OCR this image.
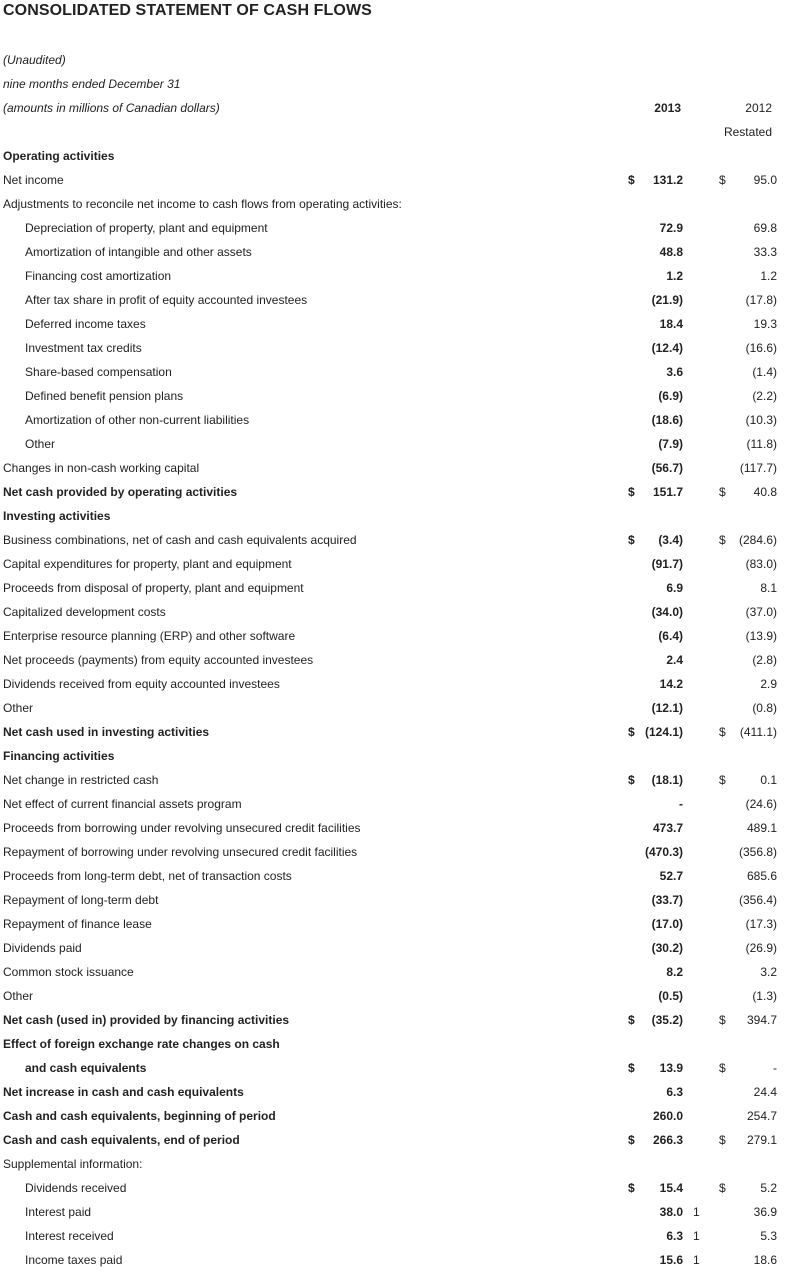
CONSOLIDATED STATEMENT OF CASH FLOWS
(Unaudited)
nine months ended December 31
(amounts in millions of Canadian dollars)	2013	2012
Restated
Operating activities
Net income	$	131.2	$	95.0
Adjustments to reconcile net income to cash flows from operating activities:
Depreciation of property, plant and equipment	72.9	69.8
Amortization of intangible and other assets	48.8	33.3
Financing cost amortization	1.2	1.2
After tax share in profit of equity accounted investees	(21.9)	(17.8)
Deferred income taxes	18.4	19.3
Investment tax credits	(12.4)	(16.6)
Share-based compensation	3.6	(1.4)
Defined benefit pension plans	(6.9)	(2.2)
Amortization of other non-current liabilities	(18.6)	(10.3)
Other	(7.9)	(11.8)
Changes in non-cash working capital	(56.7)	(117.7)
Net cash provided by operating activities	$	151.7	$	40.8
Investing activities
Business combinations, net of cash and cash equivalents acquired	$	(3.4)	$	(284.6)
Capital expenditures for property, plant and equipment	(91.7)	(83.0)
Proceeds from disposal of property, plant and equipment	6.9	8.1
Capitalized development costs	(34.0)	(37.0)
Enterprise resource planning (ERP) and other software	(6.4)	(13.9)
Net proceeds (payments) from equity accounted investees	2.4	(2.8)
Dividends received from equity accounted investees	14.2	2.9
Other	(12.1)	(0.8)
Net cash used in investing activities	$ (124.1)	$	(411.1)
Financing activities
Net change in restricted cash	$	(18.1)	$	0.1
Net effect of current financial assets program	-	(24.6)
Proceeds from borrowing under revolving unsecured credit facilities	473.7	489.1
Repayment of borrowing under revolving unsecured credit facilities	(470.3)	(356.8)
Proceeds from long-term debt, net of transaction costs	52.7	685.6
Repayment of long-term debt	(33.7)	(356.4)
Repayment of finance lease	(17.0)	(17.3)
Dividends paid	(30.2)	(26.9)
Common stock issuance	8.2	3.2
Other	(0.5)	(1.3)
Net cash (used in) provided by financing activities	$	(35.2)	$	394.7
Effect of foreign exchange rate changes on cash
and cash equivalents	$	13.9	$	-
Net increase in cash and cash equivalents	6.3	24.4
Cash and cash equivalents, beginning of period	260.0	254.7
Cash and cash equivalents, end of period	$	266.3	$	279.1
Supplemental information:
Dividends received	$	15.4	$	5.2
Interest paid	38.0 1	36.9
Interest received	6.3 1	5.3
Income taxes paid	15.6 1	18.6
